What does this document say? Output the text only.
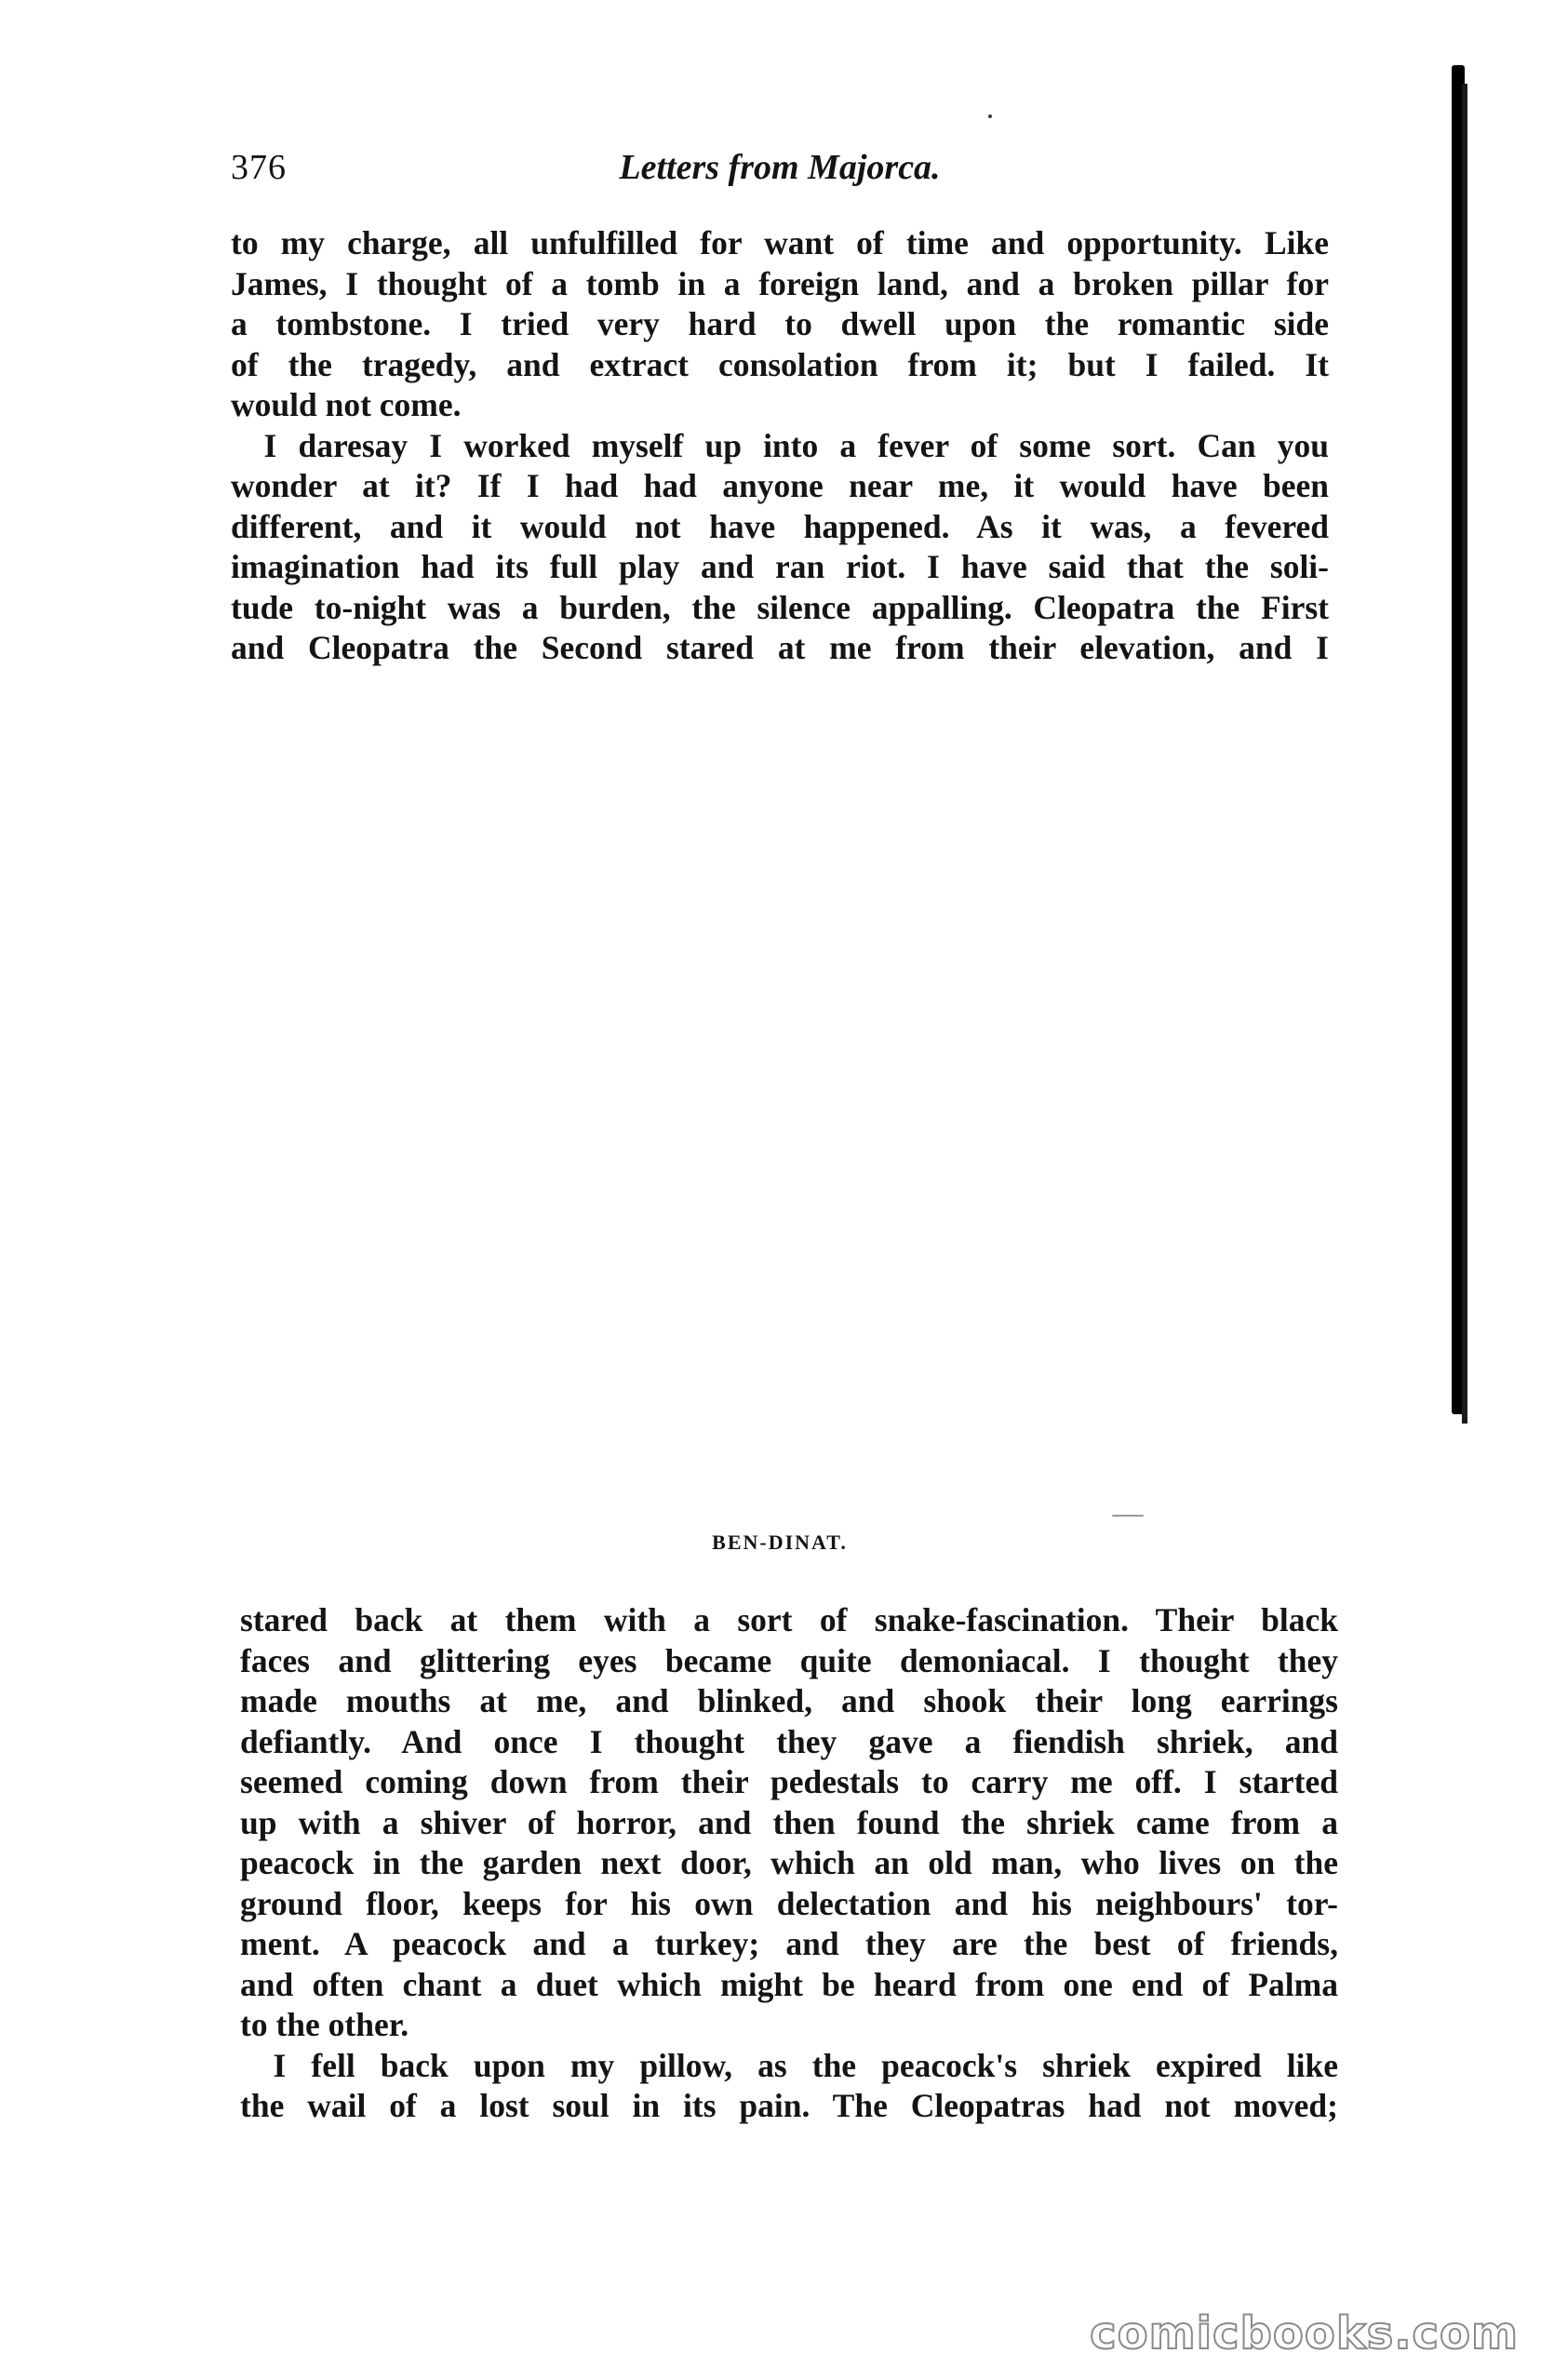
376	Letters from Majorca.
to my charge, all unfulfilled for want of time and opportunity. Like
James, I thought of a tomb in a foreign land, and a broken pillar for
a tombstone. I tried very hard to dwell upon the romantic side
of the tragedy, and extract consolation from it; but I failed. It
would not come.
I daresay I worked myself up into a fever of some sort. Can you
wonder at it? If I had had anyone near me, it would have been
different, and it would not have happened. As it was, a fevered
imagination had its full play and ran riot. I have said that the soli-
tude to-night was a burden, the silence appalling. Cleopatra the First
and Cleopatra the Second stared at me from their elevation, and I
BEN-DINAT.
stared back at them with a sort of snake-fascination. Their black
faces and glittering eyes became quite demoniacal. I thought they
made mouths at me, and blinked, and shook their long earrings
defiantly. And once I thought they gave a fiendish shriek, and
seemed coming down from their pedestals to carry me off. I started
up with a shiver of horror, and then found the shriek came from a
peacock in the garden next door, which an old man, who lives on the
ground floor, keeps for his own delectation and his neighbours' tor-
ment. A peacock and a turkey; and they are the best of friends,
and often chant a duet which might be heard from one end of Palma
to the other.
I fell back upon my pillow, as the peacock's shriek expired like
the wail of a lost soul in its pain. The Cleopatras had not moved;
comicbooks.com
